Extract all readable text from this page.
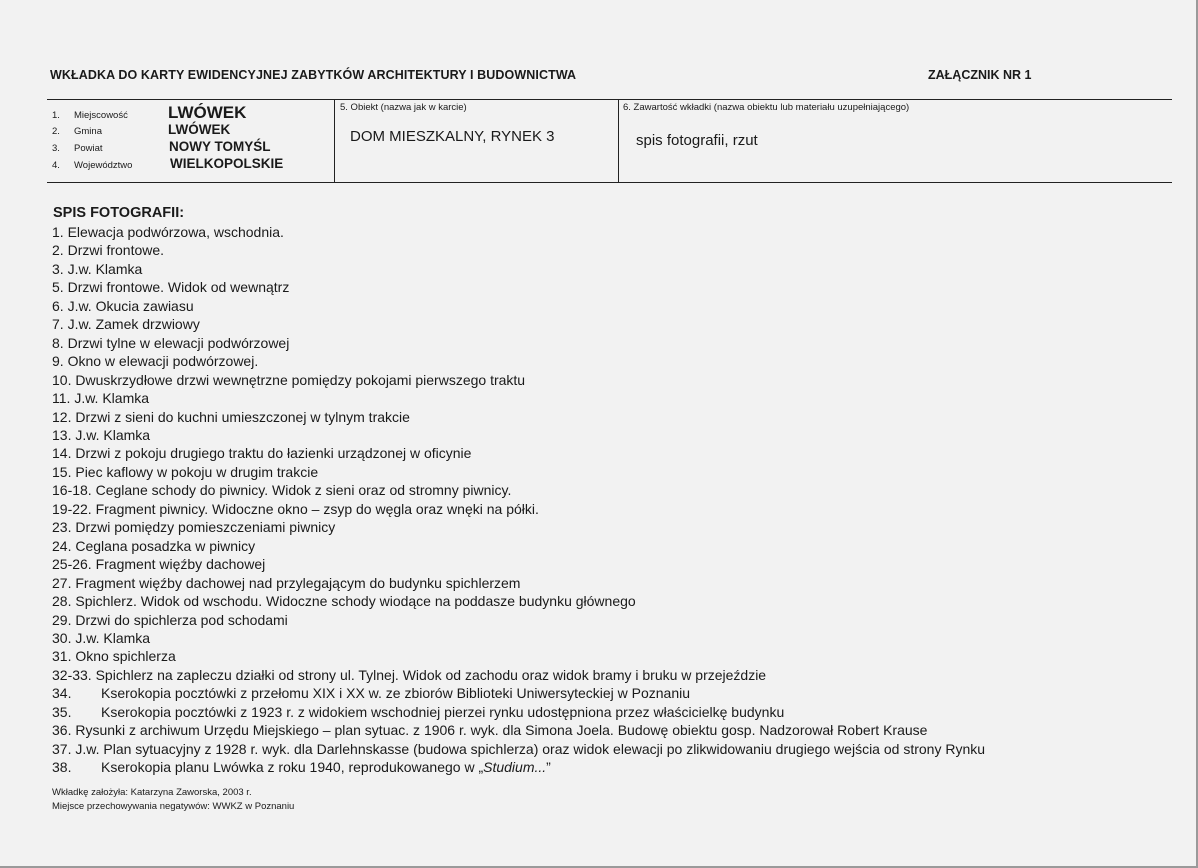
WKŁADKA DO KARTY EWIDENCYJNEJ ZABYTKÓW ARCHITEKTURY I BUDOWNICTWA	ZAŁĄCZNIK NR 1
1. Miejscowość LWÓWEK
2. Gmina	LWÓWEK
3. Powiat	NOWY TOMYŚL
4. Województwo	WIELKOPOLSKIE
5. Obiekt (nazwa jak w karcie)
DOM MIESZKALNY, RYNEK 3
6. Zawartość wkładki (nazwa obiektu lub materiału uzupełniającego)
spis fotografii, rzut
SPIS FOTOGRAFII:
1. Elewacja podwórzowa, wschodnia.
2. Drzwi frontowe.
3. J.w. Klamka
5. Drzwi frontowe. Widok od wewnątrz
6. J.w. Okucia zawiasu
7. J.w. Zamek drzwiowy
8. Drzwi tylne w elewacji podwórzowej
9. Okno w elewacji podwórzowej.
10. Dwuskrzydłowe drzwi wewnętrzne pomiędzy pokojami pierwszego traktu
11. J.w. Klamka
12. Drzwi z sieni do kuchni umieszczonej w tylnym trakcie
13. J.w. Klamka
14. Drzwi z pokoju drugiego traktu do łazienki urządzonej w oficynie
15. Piec kaflowy w pokoju w drugim trakcie
16-18. Ceglane schody do piwnicy. Widok z sieni oraz od stromny piwnicy.
19-22. Fragment piwnicy. Widoczne okno – zsyp do węgla oraz wnęki na półki.
23. Drzwi pomiędzy pomieszczeniami piwnicy
24. Ceglana posadzka w piwnicy
25-26. Fragment więźby dachowej
27. Fragment więźby dachowej nad przylegającym do budynku spichlerzem
28. Spichlerz. Widok od wschodu. Widoczne schody wiodące na poddasze budynku głównego
29. Drzwi do spichlerza pod schodami
30. J.w. Klamka
31. Okno spichlerza
32-33. Spichlerz na zapleczu działki od strony ul. Tylnej. Widok od zachodu oraz widok bramy i bruku w przejeździe
34. Kserokopia pocztówki z przełomu XIX i XX w. ze zbiorów Biblioteki Uniwersyteckiej w Poznaniu
35. Kserokopia pocztówki z 1923 r. z widokiem wschodniej pierzei rynku udostępniona przez właścicielkę budynku
36. Rysunki z archiwum Urzędu Miejskiego – plan sytuac. z 1906 r. wyk. dla Simona Joela. Budowę obiektu gosp. Nadzorował Robert Krause
37. J.w. Plan sytuacyjny z 1928 r. wyk. dla Darlehnskasse (budowa spichlerza) oraz widok elewacji po zlikwidowaniu drugiego wejścia od strony Rynku
38. Kserokopia planu Lwówka z roku 1940, reprodukowanego w „Studium...”
Wkładkę założyła: Katarzyna Zaworska, 2003 r.
Miejsce przechowywania negatywów: WWKZ w Poznaniu
